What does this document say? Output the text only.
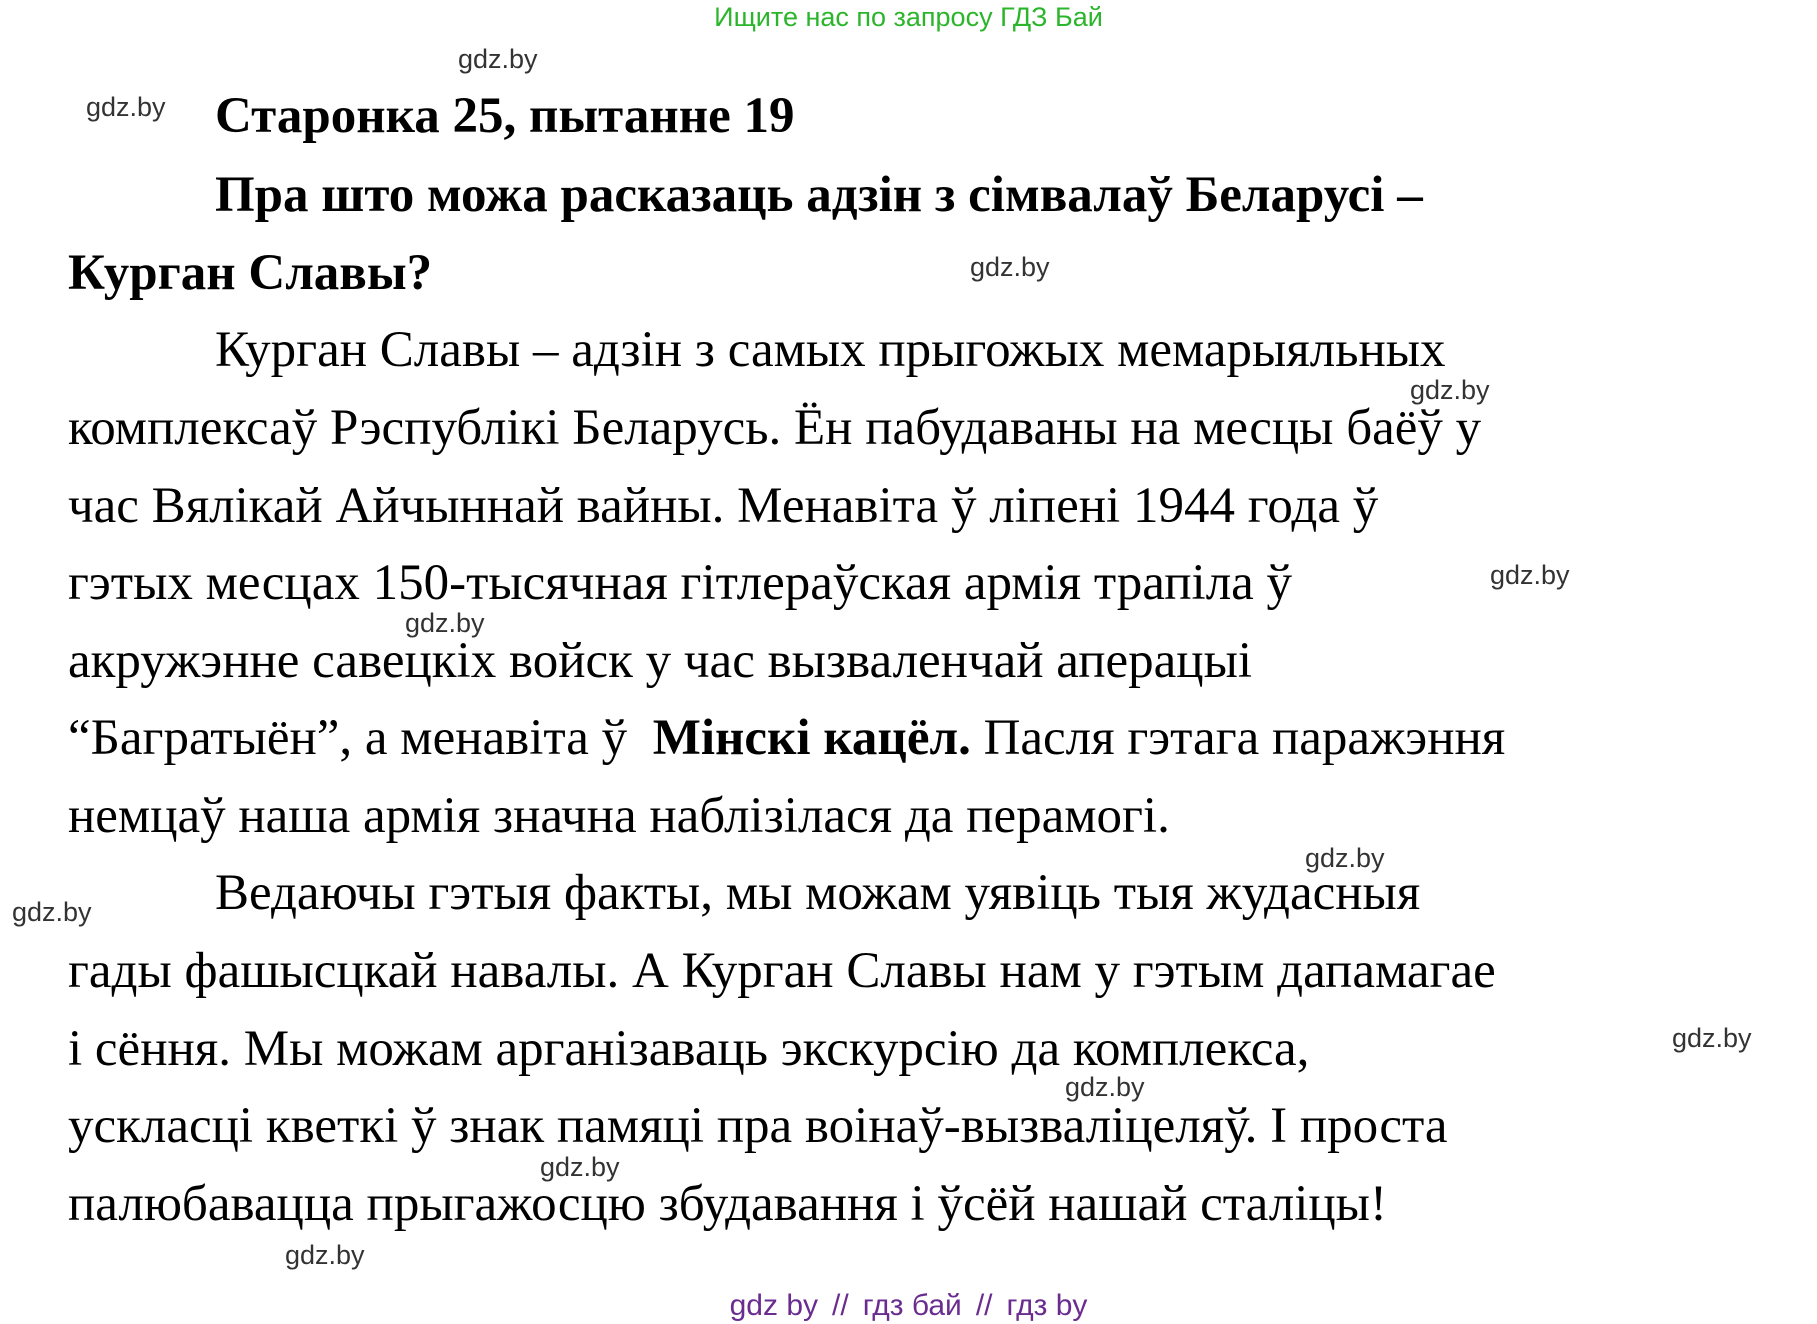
Ищите нас по запросу ГДЗ Бай
gdz.by
gdz.by
gdz.by
gdz.by
gdz.by
gdz.by
gdz.by
gdz.by
gdz.by
gdz.by
gdz.by
gdz.by
Старонка 25, пытанне 19
Пра што можа расказаць адзін з сімвалаў Беларусі –
Курган Славы?
Курган Славы – адзін з самых прыгожых мемарыяльных
комплексаў Рэспублікі Беларусь. Ён пабудаваны на месцы баёў у
час Вялікай Айчыннай вайны. Менавіта ў ліпені 1944 года ў
гэтых месцах 150-тысячная гітлераўская армія трапіла ў
акружэнне савецкіх войск у час вызваленчай аперацыі
“Багратыён”, а менавіта ў  Мінскі кацёл. Пасля гэтага паражэння
немцаў наша армія значна наблізілася да перамогі.
Ведаючы гэтыя факты, мы можам уявіць тыя жудасныя
гады фашысцкай навалы. А Курган Славы нам у гэтым дапамагае
і сёння. Мы можам арганізаваць экскурсію да комплекса,
ускласці кветкі ў знак памяці пра воінаў-вызваліцеляў. І проста
палюбавацца прыгажосцю збудавання і ўсёй нашай сталіцы!
gdz by // гдз бай // гдз by
